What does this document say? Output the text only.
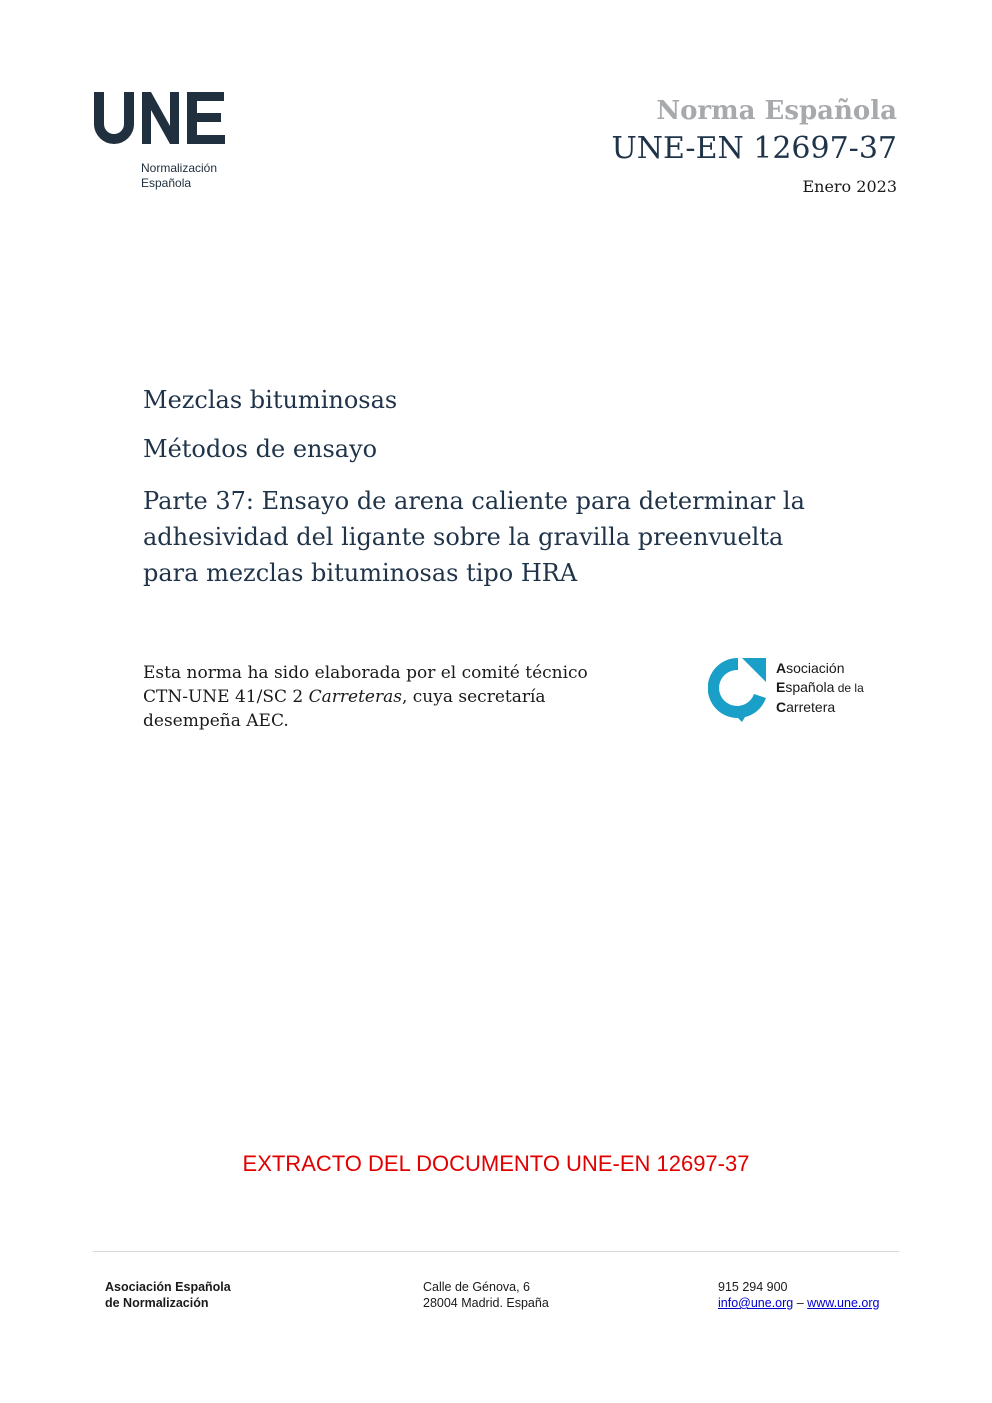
Normalización
Española
Norma Española
UNE-EN 12697-37
Enero 2023
Mezclas bituminosas
Métodos de ensayo
Parte 37: Ensayo de arena caliente para determinar la
adhesividad del ligante sobre la gravilla preenvuelta
para mezclas bituminosas tipo HRA
Esta norma ha sido elaborada por el comité técnico
CTN-UNE 41/SC 2 Carreteras, cuya secretaría
desempeña AEC.
Asociación
Española de la
Carretera
EXTRACTO DEL DOCUMENTO UNE-EN 12697-37
Asociación Española
de Normalización
Calle de Génova, 6
28004 Madrid. España
915 294 900
info@une.org – www.une.org
